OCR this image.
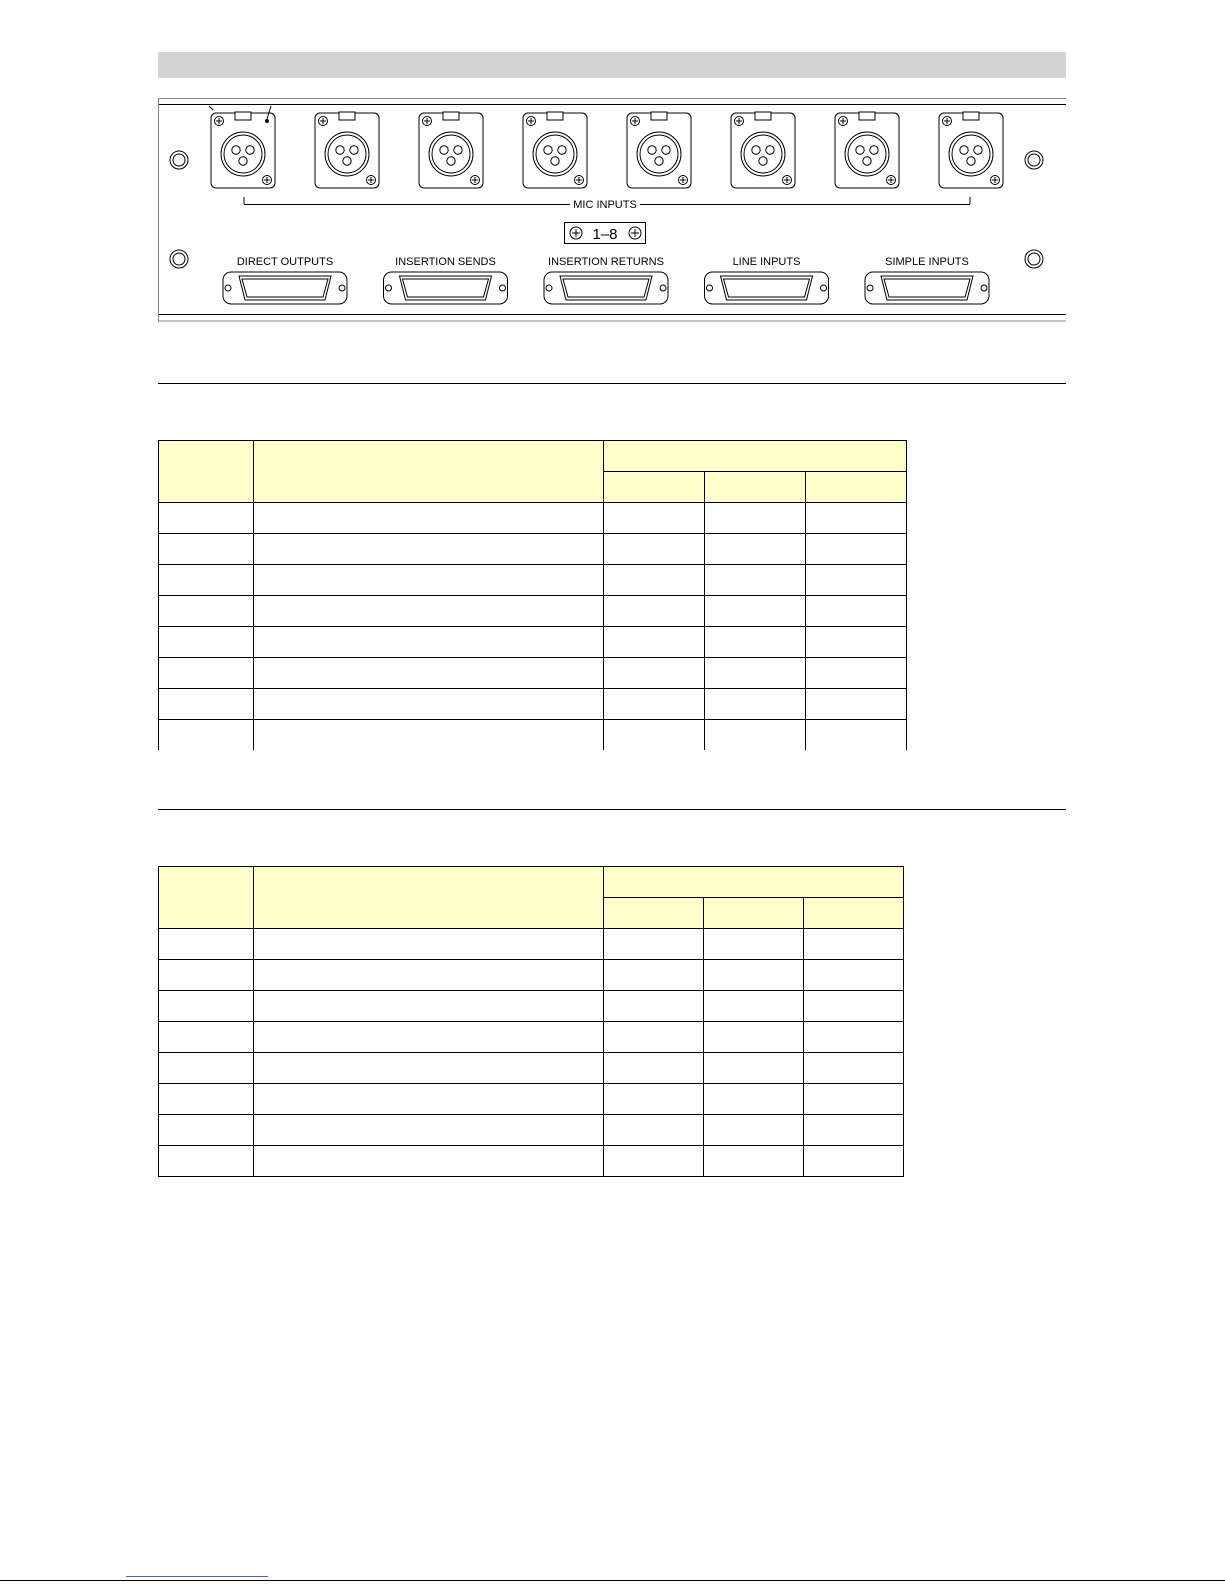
MIC INPUTS
1–8
DIRECT OUTPUTS	INSERTION SENDS	INSERTION RETURNS	LINE INPUTS	SIMPLE INPUTS
